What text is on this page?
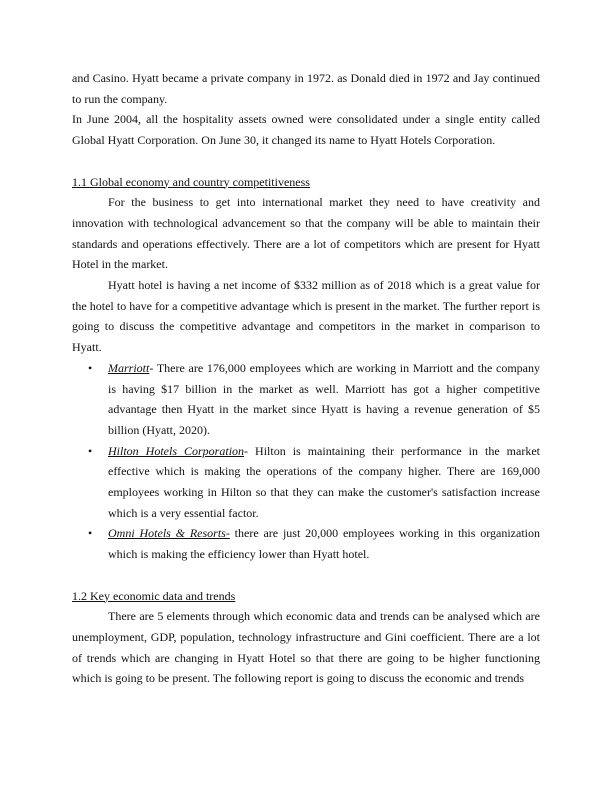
and Casino. Hyatt became a private company in 1972. as Donald died in 1972 and Jay continued to run the company.

In June 2004, all the hospitality assets owned were consolidated under a single entity called Global Hyatt Corporation. On June 30, it changed its name to Hyatt Hotels Corporation.

1.1 Global economy and country competitiveness

For the business to get into international market they need to have creativity and innovation with technological advancement so that the company will be able to maintain their standards and operations effectively. There are a lot of competitors which are present for Hyatt Hotel in the market.

Hyatt hotel is having a net income of $332 million as of 2018 which is a great value for the hotel to have for a competitive advantage which is present in the market. The further report is going to discuss the competitive advantage and competitors in the market in comparison to Hyatt.

• Marriott- There are 176,000 employees which are working in Marriott and the company is having $17 billion in the market as well. Marriott has got a higher competitive advantage then Hyatt in the market since Hyatt is having a revenue generation of $5 billion (Hyatt, 2020).
• Hilton Hotels Corporation- Hilton is maintaining their performance in the market effective which is making the operations of the company higher. There are 169,000 employees working in Hilton so that they can make the customer's satisfaction increase which is a very essential factor.
• Omni Hotels & Resorts- there are just 20,000 employees working in this organization which is making the efficiency lower than Hyatt hotel.

1.2 Key economic data and trends

There are 5 elements through which economic data and trends can be analysed which are unemployment, GDP, population, technology infrastructure and Gini coefficient. There are a lot of trends which are changing in Hyatt Hotel so that there are going to be higher functioning which is going to be present. The following report is going to discuss the economic and trends
